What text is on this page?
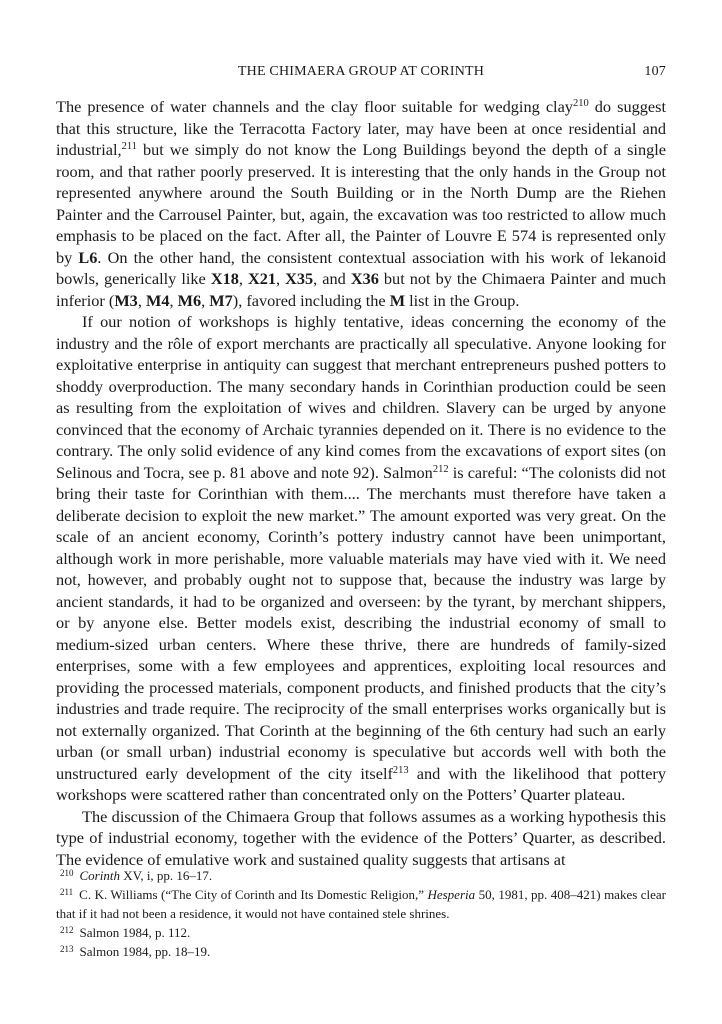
THE CHIMAERA GROUP AT CORINTH	107

The presence of water channels and the clay floor suitable for wedging clay$^{210}$ do suggest that this structure, like the Terracotta Factory later, may have been at once residential and industrial,$^{211}$ but we simply do not know the Long Buildings beyond the depth of a single room, and that rather poorly preserved. It is interesting that the only hands in the Group not represented anywhere around the South Building or in the North Dump are the Riehen Painter and the Carrousel Painter, but, again, the excavation was too restricted to allow much emphasis to be placed on the fact. After all, the Painter of Louvre E 574 is represented only by L6. On the other hand, the consistent contextual association with his work of lekanoid bowls, generically like X18, X21, X35, and X36 but not by the Chimaera Painter and much inferior (M3, M4, M6, M7), favored including the M list in the Group.

If our notion of workshops is highly tentative, ideas concerning the economy of the industry and the rôle of export merchants are practically all speculative. Anyone looking for exploitative enterprise in antiquity can suggest that merchant entrepreneurs pushed potters to shoddy overproduction. The many secondary hands in Corinthian production could be seen as resulting from the exploitation of wives and children. Slavery can be urged by anyone convinced that the economy of Archaic tyrannies depended on it. There is no evidence to the contrary. The only solid evidence of any kind comes from the excavations of export sites (on Selinous and Tocra, see p. 81 above and note 92). Salmon$^{212}$ is careful: “The colonists did not bring their taste for Corinthian with them.... The merchants must therefore have taken a deliberate decision to exploit the new market.” The amount exported was very great. On the scale of an ancient economy, Corinth’s pottery industry cannot have been unimportant, although work in more perishable, more valuable materials may have vied with it. We need not, however, and probably ought not to suppose that, because the industry was large by ancient standards, it had to be organized and overseen: by the tyrant, by merchant shippers, or by anyone else. Better models exist, describing the industrial economy of small to medium-sized urban centers. Where these thrive, there are hundreds of family-sized enterprises, some with a few employees and apprentices, exploiting local resources and providing the processed materials, component products, and finished products that the city’s industries and trade require. The reciprocity of the small enterprises works organically but is not externally organized. That Corinth at the beginning of the 6th century had such an early urban (or small urban) industrial economy is speculative but accords well with both the unstructured early development of the city itself$^{213}$ and with the likelihood that pottery workshops were scattered rather than concentrated only on the Potters’ Quarter plateau.

The discussion of the Chimaera Group that follows assumes as a working hypothesis this type of industrial economy, together with the evidence of the Potters’ Quarter, as described. The evidence of emulative work and sustained quality suggests that artisans at

$^{210}$ Corinth XV, i, pp. 16–17.

$^{211}$ C. K. Williams (“The City of Corinth and Its Domestic Religion,” Hesperia 50, 1981, pp. 408–421) makes clear that if it had not been a residence, it would not have contained stele shrines.

$^{212}$ Salmon 1984, p. 112.

$^{213}$ Salmon 1984, pp. 18–19.
